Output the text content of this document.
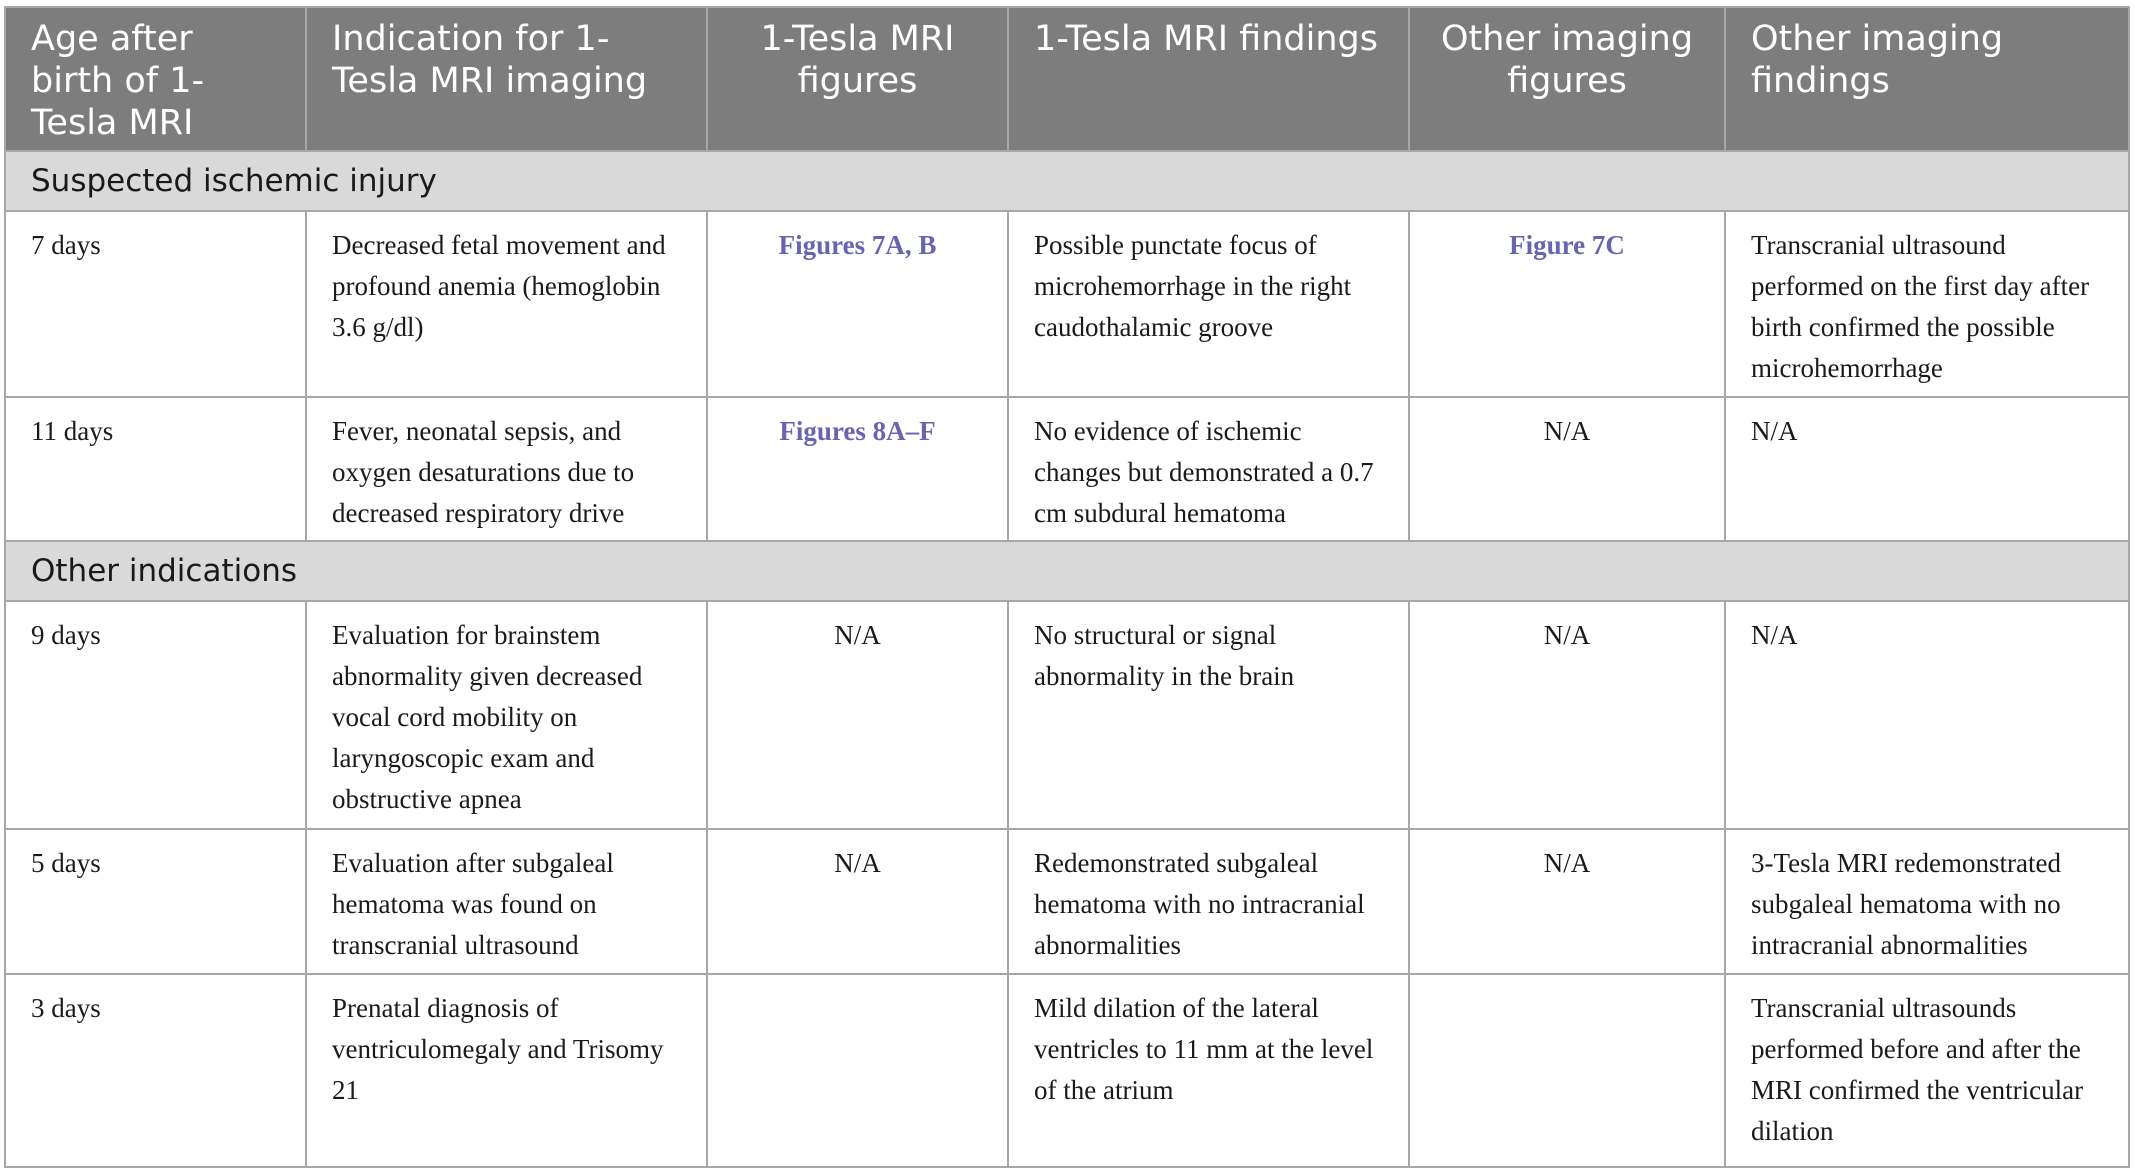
Age after birth of 1-Tesla MRI	Indication for 1-Tesla MRI imaging	1-Tesla MRI figures	1-Tesla MRI findings	Other imaging figures	Other imaging findings
Suspected ischemic injury					
7 days	Decreased fetal movement and profound anemia (hemoglobin 3.6 g/dl)	Figures 7A, B	Possible punctate focus of microhemorrhage in the right caudothalamic groove	Figure 7C	Transcranial ultrasound performed on the first day after birth confirmed the possible microhemorrhage
11 days	Fever, neonatal sepsis, and oxygen desaturations due to decreased respiratory drive	Figures 8A–F	No evidence of ischemic changes but demonstrated a 0.7 cm subdural hematoma	N/A	N/A
Other indications					
9 days	Evaluation for brainstem abnormality given decreased vocal cord mobility on laryngoscopic exam and obstructive apnea	N/A	No structural or signal abnormality in the brain	N/A	N/A
5 days	Evaluation after subgaleal hematoma was found on transcranial ultrasound	N/A	Redemonstrated subgaleal hematoma with no intracranial abnormalities	N/A	3-Tesla MRI redemonstrated subgaleal hematoma with no intracranial abnormalities
3 days	Prenatal diagnosis of ventriculomegaly and Trisomy 21		Mild dilation of the lateral ventricles to 11 mm at the level of the atrium		Transcranial ultrasounds performed before and after the MRI confirmed the ventricular dilation
